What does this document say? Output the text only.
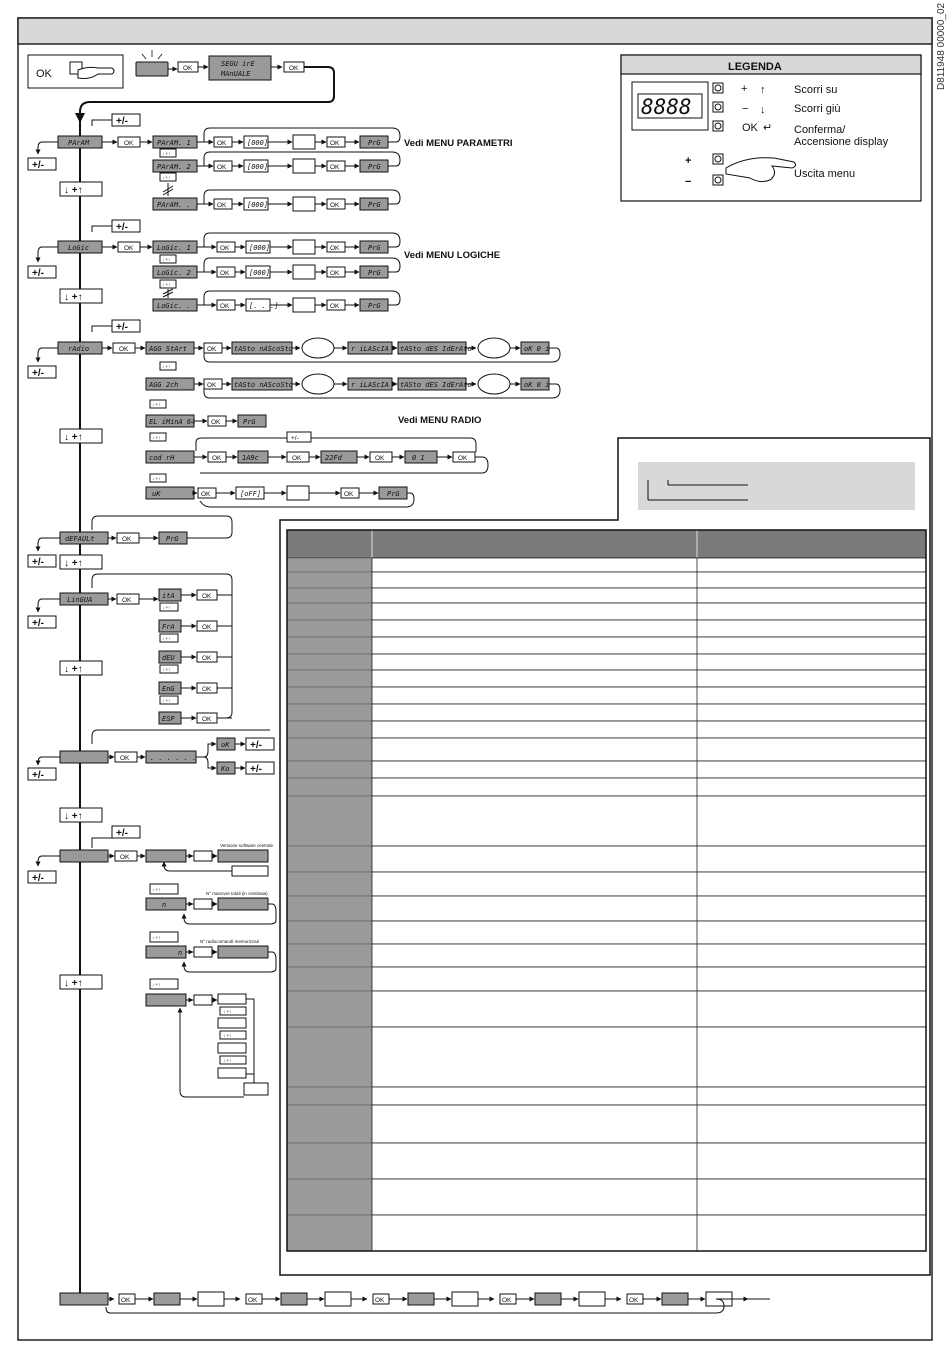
D811948 00000_02
OK	OK
SEGU irE
MAnUALE
OK
+/-
PArAM
+/-
↓ +↑
OK	PArAM. 1
PArAM. 2
PArAM. . .
↓ +↑
↓ +↑
OK	[000]	OK	PrG
OK	[000]	OK	PrG
OK	[000]	OK	PrG
Vedi MENU PARAMETRI
+/-
LoGic
+/-
↓ +↑
OK	LoGic. 1
LoGic. 2
LoGic. . .
↓ +↑
↓ +↑
OK	[000]	OK	PrG
OK	[000]	OK	PrG
OK	[. . .]	OK	PrG
Vedi MENU LOGICHE
+/-
rAdio
+/-
↓ +↑
OK	AGG StArt	OK	tASto nAScoSto	r iLAScIA tASto dES IdErAto	oK 0 i
↓ +↑
AGG 2ch	OK	tASto nAScoSto	r iLAScIA tASto dES IdErAto	oK 0 i
↓ +↑
EL iMinA 64 OK	PrG	Vedi MENU RADIO
↓ +↑
cod rH
+/-
OK	1A9c	OK	22Fd	OK	0 1	OK
↓ +↑
uK	OK	[oFF]	OK	PrG
dEFAULt
+/- ↓ +↑
OK	PrG
LinGUA
+/-
↓ +↑
OK
itA	OK
↓ +↑
FrA	OK
↓ +↑
dEU	OK
↓ +↑
EnG	OK
↓ +↑
ESP	OK
+/-
OK	. . . . . .
oK
Ko
+/-
+/-
↓ +↑
+/-
+/-
OK
Versione software centrale
↓ +↑
n
N° manovre totali (in centinaia)
↓ +↑
n
N° radiocomandi memorizzati
↓ +↑
↓ +↑
↓ +↑
↓ +↑
↓ +↑
OK	OK	OK	OK	OK
LEGENDA
8888
+ ↑
− ↓
OK ↵
Scorri su
Scorri giù
Conferma/
Accensione display
+
−
Uscita menu
